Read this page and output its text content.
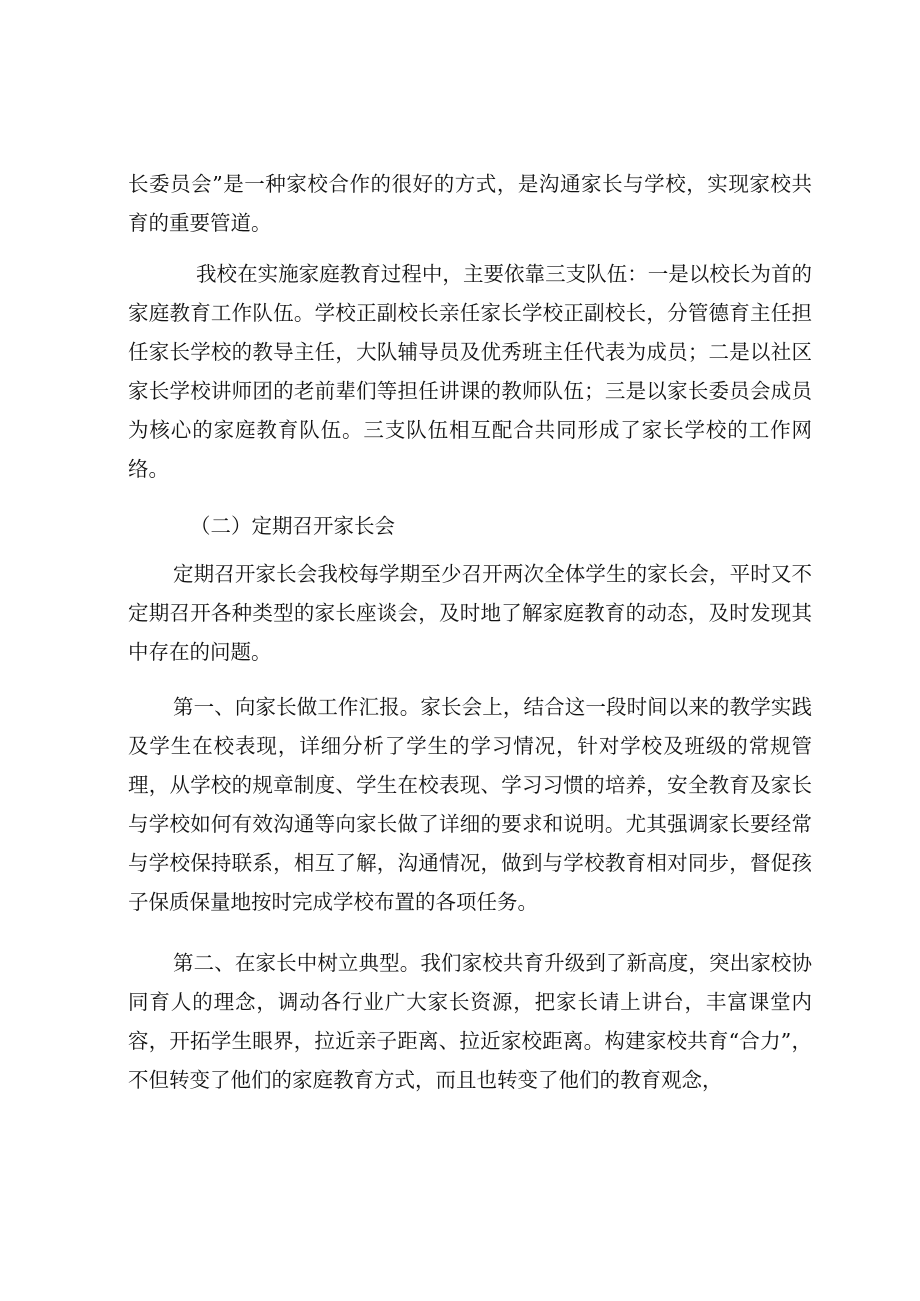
长委员会”是一种家校合作的很好的方式，是沟通家长与学校，实现家校共育的重要管道。

我校在实施家庭教育过程中，主要依靠三支队伍：一是以校长为首的家庭教育工作队伍。学校正副校长亲任家长学校正副校长，分管德育主任担任家长学校的教导主任，大队辅导员及优秀班主任代表为成员；二是以社区家长学校讲师团的老前辈们等担任讲课的教师队伍；三是以家长委员会成员为核心的家庭教育队伍。三支队伍相互配合共同形成了家长学校的工作网络。

（二）定期召开家长会

定期召开家长会我校每学期至少召开两次全体学生的家长会，平时又不定期召开各种类型的家长座谈会，及时地了解家庭教育的动态，及时发现其中存在的问题。

第一、向家长做工作汇报。家长会上，结合这一段时间以来的教学实践及学生在校表现，详细分析了学生的学习情况，针对学校及班级的常规管理，从学校的规章制度、学生在校表现、学习习惯的培养，安全教育及家长与学校如何有效沟通等向家长做了详细的要求和说明。尤其强调家长要经常与学校保持联系，相互了解，沟通情况，做到与学校教育相对同步，督促孩子保质保量地按时完成学校布置的各项任务。

第二、在家长中树立典型。我们家校共育升级到了新高度，突出家校协同育人的理念，调动各行业广大家长资源，把家长请上讲台，丰富课堂内容，开拓学生眼界，拉近亲子距离、拉近家校距离。构建家校共育“合力”，不但转变了他们的家庭教育方式，而且也转变了他们的教育观念，
